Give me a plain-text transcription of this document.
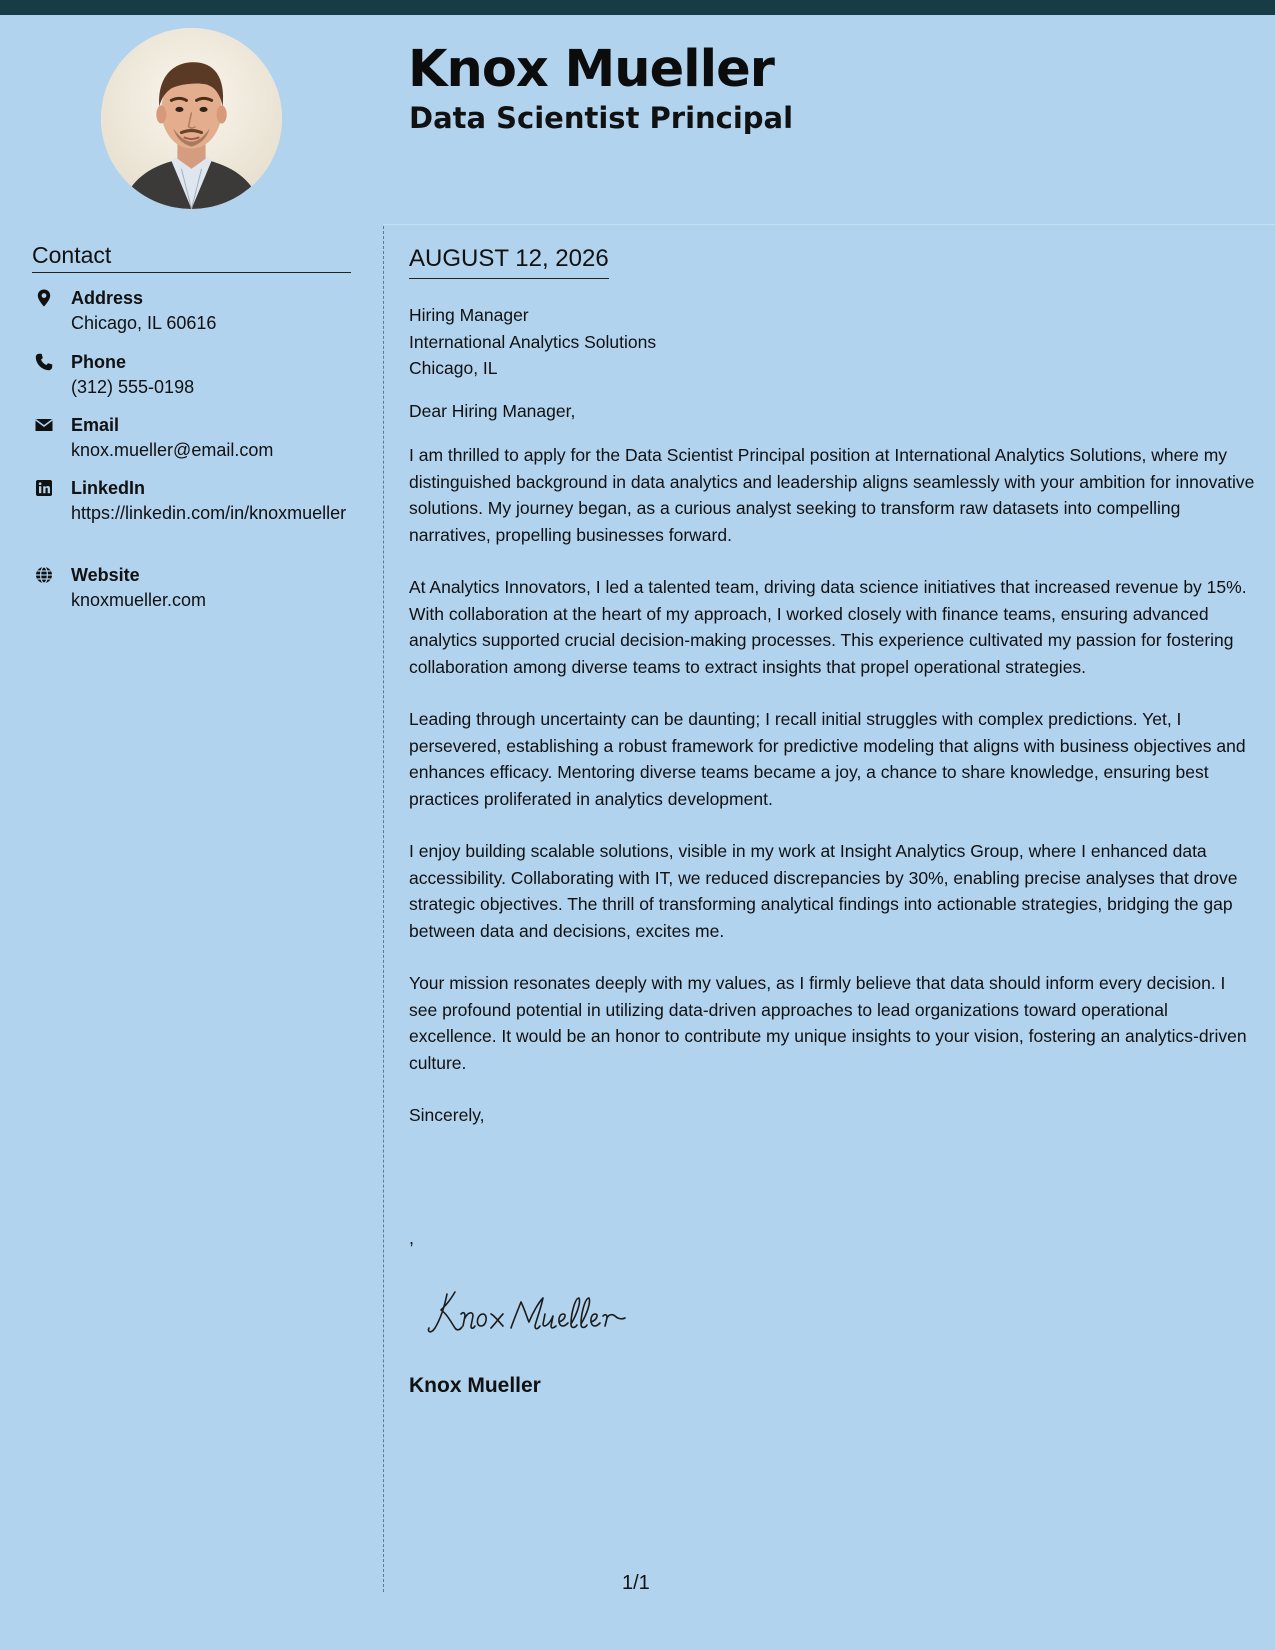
Knox Mueller
Data Scientist Principal
Contact
Address
Chicago, IL 60616
Phone
(312) 555-0198
Email
knox.mueller@email.com
LinkedIn
https://linkedin.com/in/knoxmueller
Website
knoxmueller.com
AUGUST 12, 2026
Hiring Manager
International Analytics Solutions
Chicago, IL

Dear Hiring Manager,

I am thrilled to apply for the Data Scientist Principal position at International Analytics Solutions, where my distinguished background in data analytics and leadership aligns seamlessly with your ambition for innovative solutions. My journey began, as a curious analyst seeking to transform raw datasets into compelling narratives, propelling businesses forward.

At Analytics Innovators, I led a talented team, driving data science initiatives that increased revenue by 15%. With collaboration at the heart of my approach, I worked closely with finance teams, ensuring advanced analytics supported crucial decision-making processes. This experience cultivated my passion for fostering collaboration among diverse teams to extract insights that propel operational strategies.

Leading through uncertainty can be daunting; I recall initial struggles with complex predictions. Yet, I persevered, establishing a robust framework for predictive modeling that aligns with business objectives and enhances efficacy. Mentoring diverse teams became a joy, a chance to share knowledge, ensuring best practices proliferated in analytics development.

I enjoy building scalable solutions, visible in my work at Insight Analytics Group, where I enhanced data accessibility. Collaborating with IT, we reduced discrepancies by 30%, enabling precise analyses that drove strategic objectives. The thrill of transforming analytical findings into actionable strategies, bridging the gap between data and decisions, excites me.

Your mission resonates deeply with my values, as I firmly believe that data should inform every decision. I see profound potential in utilizing data-driven approaches to lead organizations toward operational excellence. It would be an honor to contribute my unique insights to your vision, fostering an analytics-driven culture.

Sincerely,

,
Knox Mueller
1/1
